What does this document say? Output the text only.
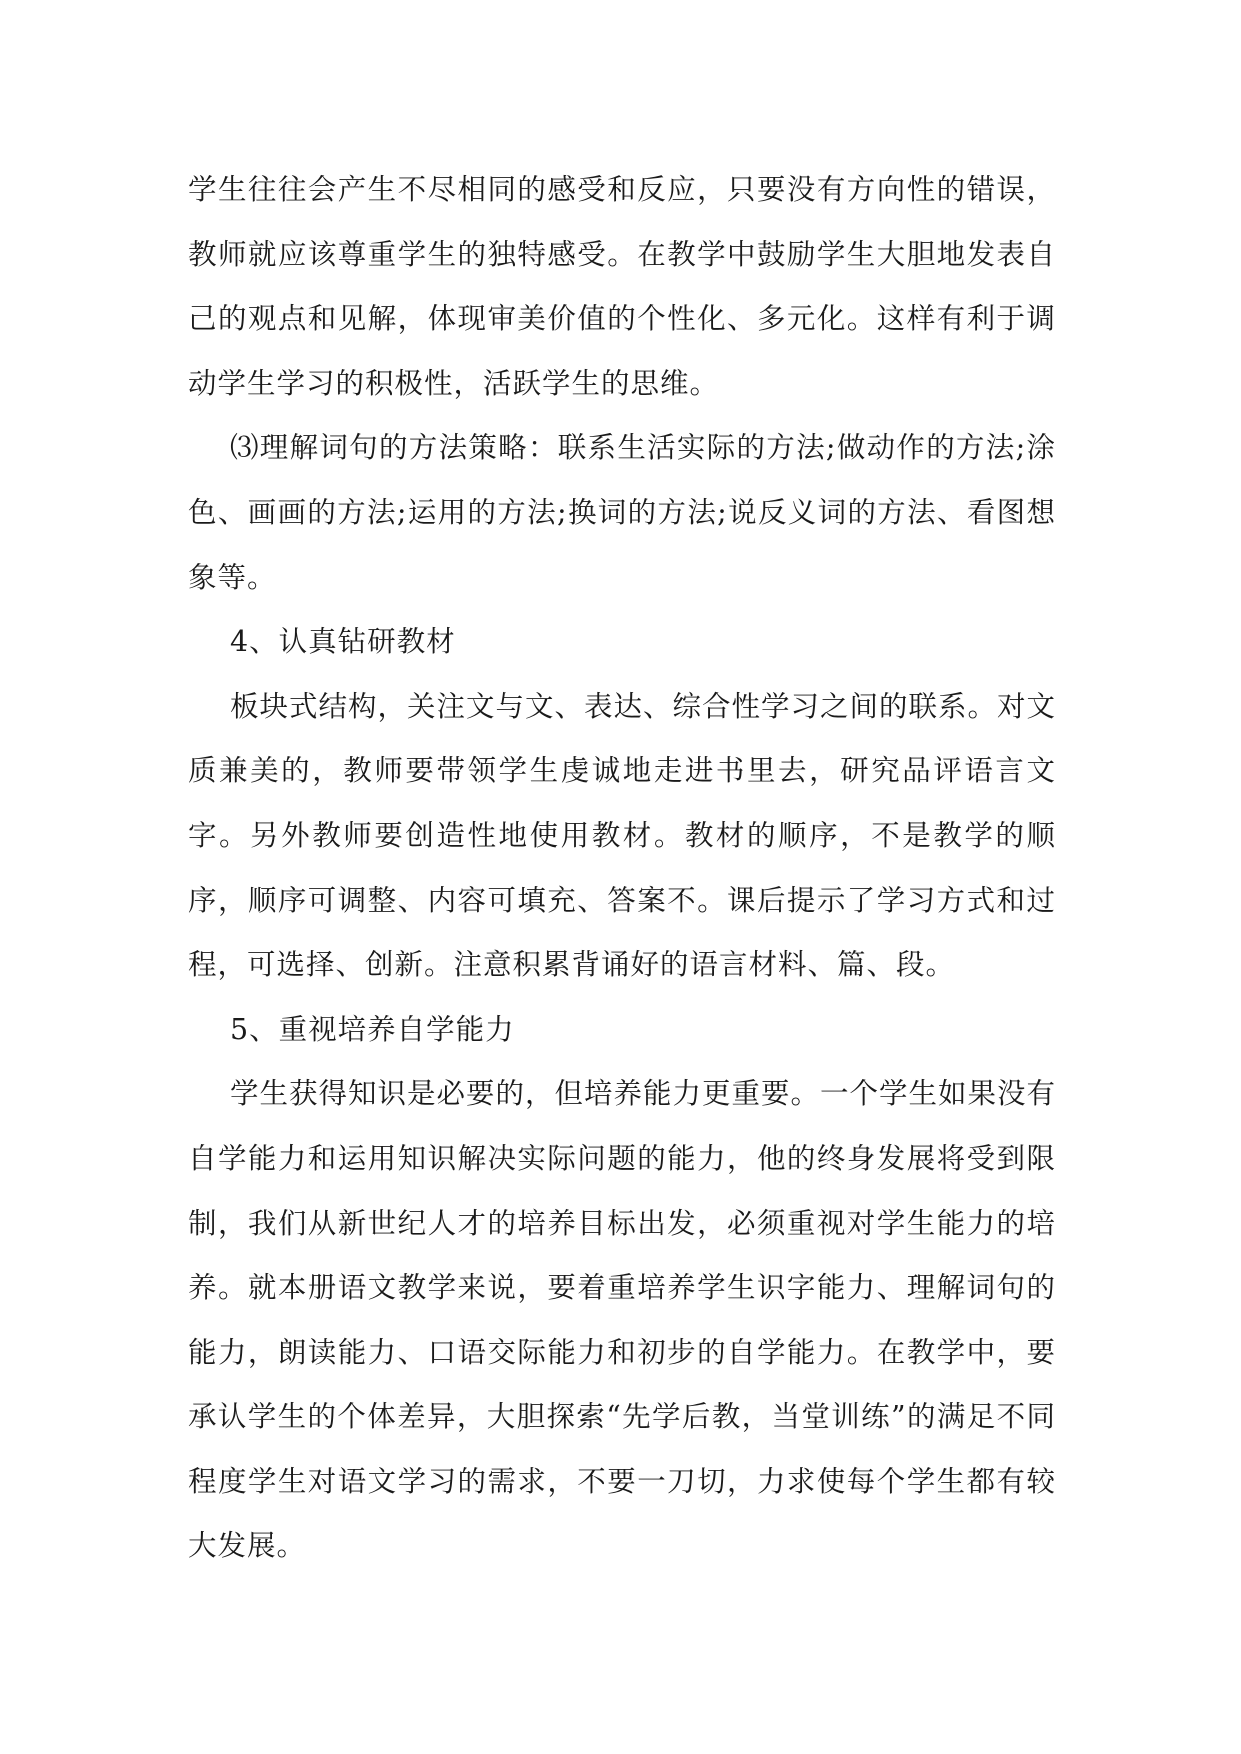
学生往往会产生不尽相同的感受和反应，只要没有方向性的错误，教师就应该尊重学生的独特感受。在教学中鼓励学生大胆地发表自己的观点和见解，体现审美价值的个性化、多元化。这样有利于调动学生学习的积极性，活跃学生的思维。

⑶理解词句的方法策略：联系生活实际的方法;做动作的方法;涂色、画画的方法;运用的方法;换词的方法;说反义词的方法、看图想象等。

4、认真钻研教材

板块式结构，关注文与文、表达、综合性学习之间的联系。对文质兼美的，教师要带领学生虔诚地走进书里去，研究品评语言文字。另外教师要创造性地使用教材。教材的顺序，不是教学的顺序，顺序可调整、内容可填充、答案不。课后提示了学习方式和过程，可选择、创新。注意积累背诵好的语言材料、篇、段。

5、重视培养自学能力

学生获得知识是必要的，但培养能力更重要。一个学生如果没有自学能力和运用知识解决实际问题的能力，他的终身发展将受到限制，我们从新世纪人才的培养目标出发，必须重视对学生能力的培养。就本册语文教学来说，要着重培养学生识字能力、理解词句的能力，朗读能力、口语交际能力和初步的自学能力。在教学中，要承认学生的个体差异，大胆探索“先学后教，当堂训练”的满足不同程度学生对语文学习的需求，不要一刀切，力求使每个学生都有较大发展。
